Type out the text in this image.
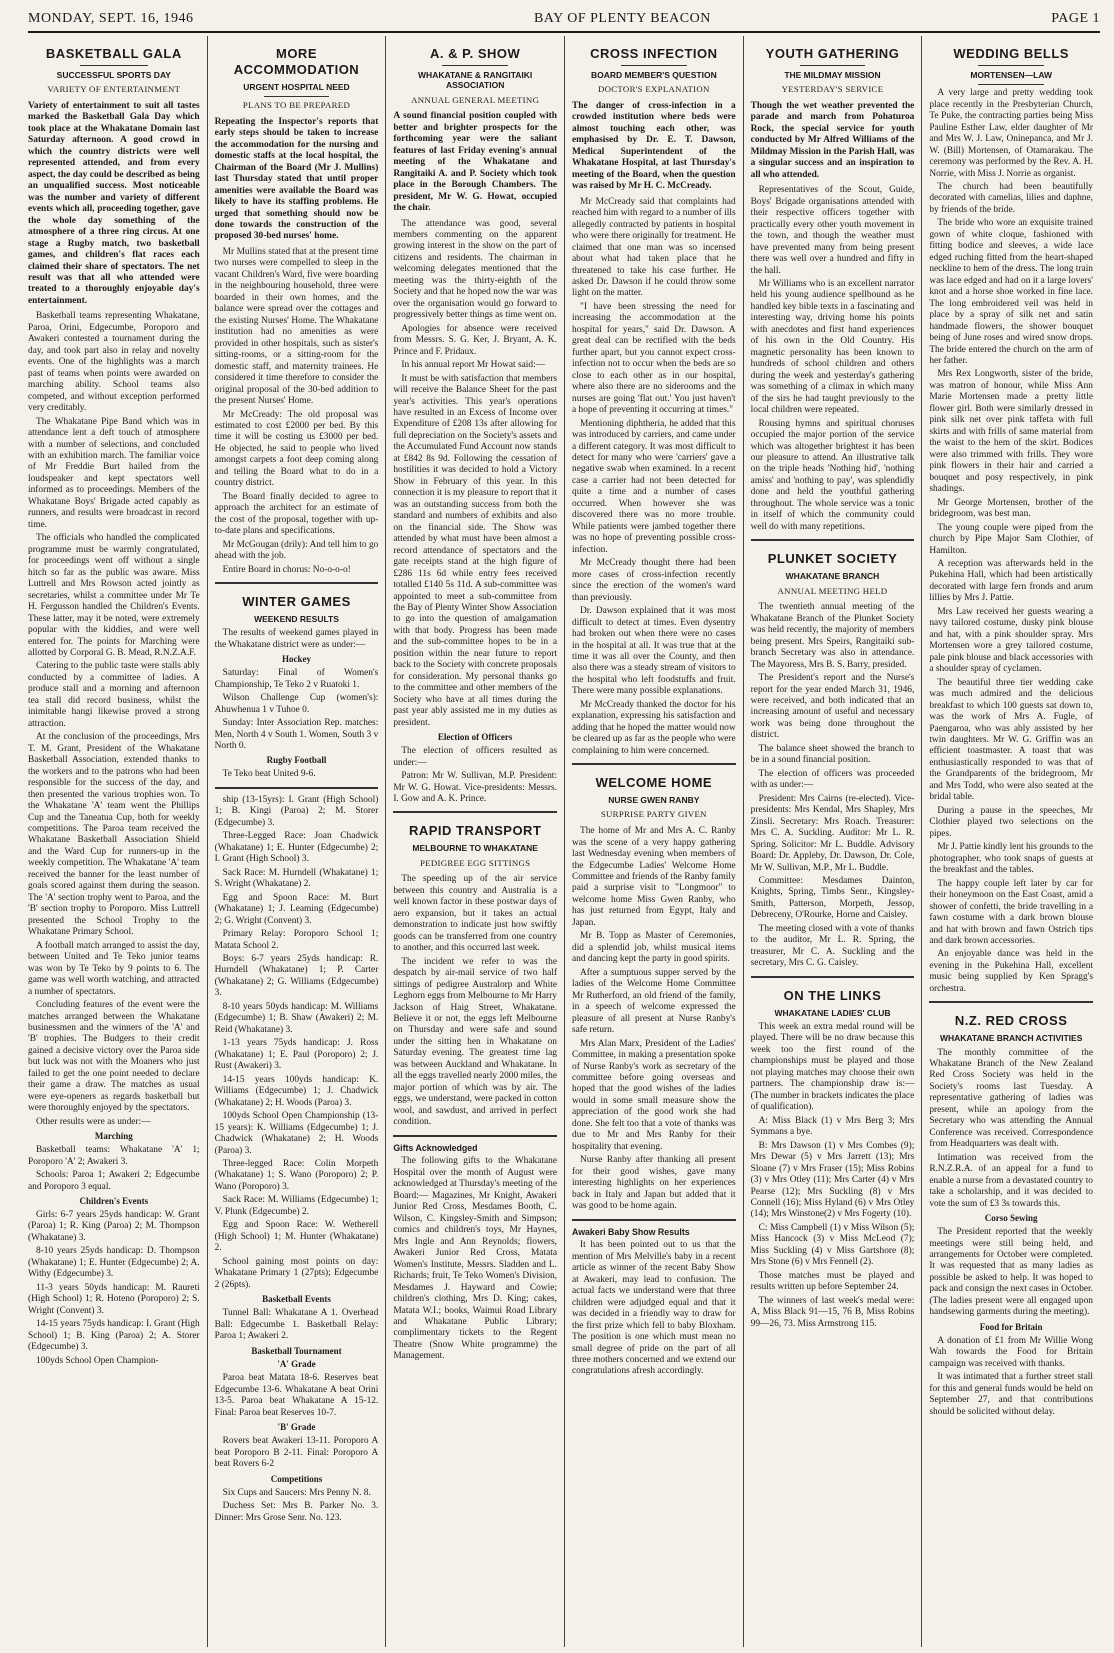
MONDAY, SEPT. 16, 1946	BAY OF PLENTY BEACON	PAGE 1
BASKETBALL GALA
SUCCESSFUL SPORTS DAY
VARIETY OF ENTERTAINMENT

Variety of entertainment to suit all tastes marked the Basketball Gala Day which took place at the Whakatane Domain last Saturday afternoon. A good crowd in which the country districts were well represented attended, and from every aspect, the day could be described as being an unqualified success. Most noticeable was the number and variety of different events which all, proceeding together, gave the whole day something of the atmosphere of a three ring circus. At one stage a Rugby match, two basketball games, and children's flat races each claimed their share of spectators. The net result was that all who attended were treated to a thoroughly enjoyable day's entertainment.

Basketball teams representing Whakatane, Paroa, Orini, Edgecumbe, Poroporo and Awakeri contested a tournament during the day, and took part also in relay and novelty events. One of the highlights was a march past of teams when points were awarded on marching ability. School teams also competed, and without exception performed very creditably.

The Whakatane Pipe Band which was in attendance lent a deft touch of atmosphere with a number of selections, and concluded with an exhibition march. The familiar voice of Mr Freddie Burt hailed from the loudspeaker and kept spectators well informed as to proceedings. Members of the Whakatane Boys' Brigade acted capably as runners, and results were broadcast in record time.

The officials who handled the complicated programme must be warmly congratulated, for proceedings went off without a single hitch so far as the public was aware. Miss Luttrell and Mrs Rowson acted jointly as secretaries, whilst a committee under Mr Te H. Fergusson handled the Children's Events. These latter, may it be noted, were extremely popular with the kiddies, and were well entered for. The points for Marching were allotted by Corporal G. B. Mead, R.N.Z.A.F.

Catering to the public taste were stalls ably conducted by a committee of ladies. A produce stall and a morning and afternoon tea stall did record business, whilst the inimitable hangi likewise proved a strong attraction.

At the conclusion of the proceedings, Mrs T. M. Grant, President of the Whakatane Basketball Association, extended thanks to the workers and to the patrons who had been responsible for the success of the day, and then presented the various trophies won. To the Whakatane 'A' team went the Phillips Cup and the Taneatua Cup, both for weekly competitions. The Paroa team received the Whakatane Basketball Association Shield and the Ward Cup for runners-up in the weekly competition. The Whakatane 'A' team received the banner for the least number of goals scored against them during the season. The 'A' section trophy went to Paroa, and the 'B' section trophy to Poroporo. Miss Luttrell presented the School Trophy to the Whakatane Primary School.

A football match arranged to assist the day, between United and Te Teko junior teams was won by Te Teko by 9 points to 6. The game was well worth watching, and attracted a number of spectators.

Concluding features of the event were the matches arranged between the Whakatane businessmen and the winners of the 'A' and 'B' trophies. The Budgers to their credit gained a decisive victory over the Paroa side but luck was not with the Moaners who just failed to get the one point needed to declare their game a draw. The matches as usual were eye-openers as regards basketball but were thoroughly enjoyed by the spectators.

Other results were as under:—

Marching

Basketball teams: Whakatane 'A' 1; Poroporo 'A' 2; Awakeri 3.

Schools: Paroa 1; Awakeri 2; Edgecumbe and Poroporo 3 equal.

Children's Events

Girls: 6-7 years 25yds handicap: W. Grant (Paroa) 1; R. King (Paroa) 2; M. Thompson (Whakatane) 3.

8-10 years 25yds handicap: D. Thompson (Whakatane) 1; E. Hunter (Edgecumbe) 2; A. Withy (Edgecumbe) 3.

11-3 years 50yds handicap: M. Raureti (High School) 1; R. Hoteno (Poroporo) 2; S. Wright (Convent) 3.

14-15 years 75yds handicap: I. Grant (High School) 1; B. King (Paroa) 2; A. Storer (Edgecumbe) 3.

100yds School Open Champion-

MORE ACCOMMODATION
URGENT HOSPITAL NEED
PLANS TO BE PREPARED

Repeating the Inspector's reports that early steps should be taken to increase the accommodation for the nursing and domestic staffs at the local hospital, the Chairman of the Board (Mr J. Mullins) last Thursday stated that until proper amenities were available the Board was likely to have its staffing problems. He urged that something should now be done towards the construction of the proposed 30-bed nurses' home.

Mr Mullins stated that at the present time two nurses were compelled to sleep in the vacant Children's Ward, five were boarding in the neighbouring household, three were boarded in their own homes, and the balance were spread over the cottages and the existing Nurses' Home. The Whakatane institution had no amenities as were provided in other hospitals, such as sister's sitting-rooms, or a sitting-room for the domestic staff, and maternity trainees. He considered it time therefore to consider the original proposal of the 30-bed addition to the present Nurses' Home.

Mr McCready: The old proposal was estimated to cost £2000 per bed. By this time it will be costing us £3000 per bed. He objected, he said to people who lived amongst carpets a foot deep coming along and telling the Board what to do in a country district.

The Board finally decided to agree to approach the architect for an estimate of the cost of the proposal, together with up-to-date plans and specifications.

Mr McGougan (drily): And tell him to go ahead with the job.

Entire Board in chorus: No-o-o-o!

WINTER GAMES
WEEKEND RESULTS

The results of weekend games played in the Whakatane district were as under:—

Hockey

Saturday: Final of Women's Championship, Te Teko 2 v Ruatoki 1.

Wilson Challenge Cup (women's): Ahuwhenua 1 v Tuhoe 0.

Sunday: Inter Association Rep. matches: Men, North 4 v South 1. Women, South 3 v North 0.

Rugby Football

Te Teko beat United 9-6.

ship (13-15yrs): I. Grant (High School) 1; B. Kingi (Paroa) 2; M. Storer (Edgecumbe) 3.

Three-Legged Race: Joan Chadwick (Whakatane) 1; E. Hunter (Edgecumbe) 2; I. Grant (High School) 3.

Sack Race: M. Hurndell (Whakatane) 1; S. Wright (Whakatane) 2.

Egg and Spoon Race: M. Burt (Whakatane) 1; J. Leaming (Edgecumbe) 2; G. Wright (Convent) 3.

Primary Relay: Poroporo School 1; Matata School 2.

Boys: 6-7 years 25yds handicap: R. Hurndell (Whakatane) 1; P. Carter (Whakatane) 2; G. Williams (Edgecumbe) 3.

8-10 years 50yds handicap: M. Williams (Edgecumbe) 1; B. Shaw (Awakeri) 2; M. Reid (Whakatane) 3.

1-13 years 75yds handicap: J. Ross (Whakatane) 1; E. Paul (Poroporo) 2; J. Rust (Awakeri) 3.

14-15 years 100yds handicap: K. Williams (Edgecumbe) 1; J. Chadwick (Whakatane) 2; H. Woods (Paroa) 3.

100yds School Open Championship (13-15 years): K. Williams (Edgecumbe) 1; J. Chadwick (Whakatane) 2; H. Woods (Paroa) 3.

Three-legged Race: Colin Morpeth (Whakatane) 1; S. Wano (Poroporo) 2; P. Wano (Poroporo) 3.

Sack Race: M. Williams (Edgecumbe) 1; V. Plunk (Edgecumbe) 2.

Egg and Spoon Race: W. Wetherell (High School) 1; M. Hunter (Whakatane) 2.

School gaining most points on day: Whakatane Primary 1 (27pts); Edgecumbe 2 (26pts).

Basketball Events

Tunnel Ball: Whakatane A 1. Overhead Ball: Edgecumbe 1. Basketball Relay: Paroa 1; Awakeri 2.

Basketball Tournament
'A' Grade

Paroa beat Matata 18-6. Reserves beat Edgecumbe 13-6. Whakatane A beat Orini 13-5. Paroa beat Whakatane A 15-12. Final: Paroa beat Reserves 10-7.

'B' Grade

Rovers beat Awakeri 13-11. Poroporo A beat Poroporo B 2-11. Final: Poroporo A beat Rovers 6-2

Competitions

Six Cups and Saucers: Mrs Penny N. 8.

Duchess Set: Mrs B. Parker No. 3. Dinner: Mrs Grose Senr. No. 123.

A. & P. SHOW
WHAKATANE & RANGITAIKI ASSOCIATION
ANNUAL GENERAL MEETING

A sound financial position coupled with better and brighter prospects for the forthcoming year were the saliant features of last Friday evening's annual meeting of the Whakatane and Rangitaiki A. and P. Society which took place in the Borough Chambers. The president, Mr W. G. Howat, occupied the chair.

The attendance was good, several members commenting on the apparent growing interest in the show on the part of citizens and residents. The chairman in welcoming delegates mentioned that the meeting was the thirty-eighth of the Society and that he hoped now the war was over the organisation would go forward to progressively better things as time went on.

Apologies for absence were received from Messrs. S. G. Ker, J. Bryant, A. K. Prince and F. Pridaux.

In his annual report Mr Howat said:—

It must be with satisfaction that members will receive the Balance Sheet for the past year's activities. This year's operations have resulted in an Excess of Income over Expenditure of £208 13s after allowing for full depreciation on the Society's assets and the Accumulated Fund Account now stands at £842 8s 9d. Following the cessation of hostilities it was decided to hold a Victory Show in February of this year. In this connection it is my pleasure to report that it was an outstanding success from both the standard and numbers of exhibits and also on the financial side. The Show was attended by what must have been almost a record attendance of spectators and the gate receipts stand at the high figure of £286 11s 6d while entry fees received totalled £140 5s 11d. A sub-committee was appointed to meet a sub-committee from the Bay of Plenty Winter Show Association to go into the question of amalgamation with that body. Progress has been made and the sub-committee hopes to be in a position within the near future to report back to the Society with concrete proposals for consideration. My personal thanks go to the committee and other members of the Society who have at all times during the past year ably assisted me in my duties as president.

Election of Officers

The election of officers resulted as under:—

Patron: Mr W. Sullivan, M.P. President: Mr W. G. Howat. Vice-presidents: Messrs. I. Gow and A. K. Prince.

RAPID TRANSPORT
MELBOURNE TO WHAKATANE
PEDIGREE EGG SITTINGS

The speeding up of the air service between this country and Australia is a well known factor in these postwar days of aero expansion, but it takes an actual demonstration to indicate just how swiftly goods can be transferred from one country to another, and this occurred last week.

The incident we refer to was the despatch by air-mail service of two half sittings of pedigree Australorp and White Leghorn eggs from Melbourne to Mr Harry Jackson of Haig Street, Whakatane. Believe it or not, the eggs left Melbourne on Thursday and were safe and sound under the sitting hen in Whakatane on Saturday evening. The greatest time lag was between Auckland and Whakatane. In all the eggs travelled nearly 2000 miles, the major portion of which was by air. The eggs, we understand, were packed in cotton wool, and sawdust, and arrived in perfect condition.

Gifts Acknowledged

The following gifts to the Whakatane Hospital over the month of August were acknowledged at Thursday's meeting of the Board:— Magazines, Mr Knight, Awakeri Junior Red Cross, Mesdames Booth, C. Wilson, C. Kingsley-Smith and Simpson; comics and children's toys, Mr Haynes, Mrs Ingle and Ann Reynolds; flowers, Awakeri Junior Red Cross, Matata Women's Institute, Messrs. Sladden and L. Richards; fruit, Te Teko Women's Division, Mesdames J. Hayward and Cowie; children's clothing, Mrs D. King; cakes, Matata W.I.; books, Waimui Road Library and Whakatane Public Library; complimentary tickets to the Regent Theatre (Snow White programme) the Management.

CROSS INFECTION
BOARD MEMBER'S QUESTION
DOCTOR'S EXPLANATION

The danger of cross-infection in a crowded institution where beds were almost touching each other, was emphasised by Dr. E. T. Dawson, Medical Superintendent of the Whakatane Hospital, at last Thursday's meeting of the Board, when the question was raised by Mr H. C. McCready.

Mr McCready said that complaints had reached him with regard to a number of ills allegedly contracted by patients in hospital who were there originally for treatment. He claimed that one man was so incensed about what had taken place that he threatened to take his case further. He asked Dr. Dawson if he could throw some light on the matter.

"I have been stressing the need for increasing the accommodation at the hospital for years," said Dr. Dawson. A great deal can be rectified with the beds further apart, but you cannot expect cross-infection not to occur when the beds are so close to each other as in our hospital, where also there are no siderooms and the nurses are going 'flat out.' You just haven't a hope of preventing it occurring at times."

Mentioning diphtheria, he added that this was introduced by carriers, and came under a different category. It was most difficult to detect for many who were 'carriers' gave a negative swab when examined. In a recent case a carrier had not been detected for quite a time and a number of cases occurred. When however she was discovered there was no more trouble. While patients were jambed together there was no hope of preventing possible cross-infection.

Mr McCready thought there had been more cases of cross-infection recently since the erection of the women's ward than previously.

Dr. Dawson explained that it was most difficult to detect at times. Even dysentry had broken out when there were no cases in the hospital at all. It was true that at the time it was all over the County, and then also there was a steady stream of visitors to the hospital who left foodstuffs and fruit. There were many possible explanations.

Mr McCready thanked the doctor for his explanation, expressing his satisfaction and adding that he hoped the matter would now be cleared up as far as the people who were complaining to him were concerned.

WELCOME HOME
NURSE GWEN RANBY
SURPRISE PARTY GIVEN

The home of Mr and Mrs A. C. Ranby was the scene of a very happy gathering last Wednesday evening when members of the Edgecumbe Ladies' Welcome Home Committee and friends of the Ranby family paid a surprise visit to "Longmoor" to welcome home Miss Gwen Ranby, who has just returned from Egypt, Italy and Japan.

Mr B. Topp as Master of Ceremonies, did a splendid job, whilst musical items and dancing kept the party in good spirits.

After a sumptuous supper served by the ladies of the Welcome Home Committee Mr Rutherford, an old friend of the family, in a speech of welcome expressed the pleasure of all present at Nurse Ranby's safe return.

Mrs Alan Marx, President of the Ladies' Committee, in making a presentation spoke of Nurse Ranby's work as secretary of the committee before going overseas and hoped that the good wishes of the ladies would in some small measure show the appreciation of the good work she had done. She felt too that a vote of thanks was due to Mr and Mrs Ranby for their hospitality that evening.

Nurse Ranby after thanking all present for their good wishes, gave many interesting highlights on her experiences back in Italy and Japan but added that it was good to be home again.

Awakeri Baby Show Results

It has been pointed out to us that the mention of Mrs Melville's baby in a recent article as winner of the recent Baby Show at Awakeri, may lead to confusion. The actual facts we understand were that three children were adjudged equal and that it was decided in a friendly way to draw for the first prize which fell to baby Bloxham. The position is one which must mean no small degree of pride on the part of all three mothers concerned and we extend our congratulations afresh accordingly.

YOUTH GATHERING
THE MILDMAY MISSION
YESTERDAY'S SERVICE

Though the wet weather prevented the parade and march from Pohaturoa Rock, the special service for youth conducted by Mr Alfred Williams of the Mildmay Mission in the Parish Hall, was a singular success and an inspiration to all who attended.

Representatives of the Scout, Guide, Boys' Brigade organisations attended with their respective officers together with practically every other youth movement in the town, and though the weather must have prevented many from being present there was well over a hundred and fifty in the hall.

Mr Williams who is an excellent narrator held his young audience spellbound as he handled key bible texts in a fascinating and interesting way, driving home his points with anecdotes and first hand experiences of his own in the Old Country. His magnetic personality has been known to hundreds of school children and others during the week and yesterday's gathering was something of a climax in which many of the sirs he had taught previously to the local children were repeated.

Rousing hymns and spiritual choruses occupied the major portion of the service which was altogether brightest it has been our pleasure to attend. An illustrative talk on the triple heads 'Nothing hid', 'nothing amiss' and 'nothing to pay', was splendidly done and held the youthful gathering throughout. The whole service was a tonic in itself of which the community could well do with many repetitions.

PLUNKET SOCIETY
WHAKATANE BRANCH
ANNUAL MEETING HELD

The twentieth annual meeting of the Whakatane Branch of the Plunket Society was held recently, the majority of members being present. Mrs Speirs, Rangitaiki sub-branch Secretary was also in attendance. The Mayoress, Mrs B. S. Barry, presided.

The President's report and the Nurse's report for the year ended March 31, 1946, were received, and both indicated that an increasing amount of useful and necessary work was being done throughout the district.

The balance sheet showed the branch to be in a sound financial position.

The election of officers was proceeded with as under:—

President: Mrs Cairns (re-elected). Vice-presidents: Mrs Kendal, Mrs Shapley, Mrs Zinsli. Secretary: Mrs Roach. Treasurer: Mrs C. A. Suckling. Auditor: Mr L. R. Spring. Solicitor: Mr L. Buddle. Advisory Board: Dr. Appleby, Dr. Dawson, Dr. Cole, Mr W. Sullivan, M.P., Mr L. Buddle.

Committee: Mesdames Dainton, Knights, Spring, Timbs Senr., Kingsley-Smith, Patterson, Morpeth, Jessop, Debreceny, O'Rourke, Horne and Caisley.

The meeting closed with a vote of thanks to the auditor, Mr L. R. Spring, the treasurer, Mr C. A. Suckling and the secretary, Mrs C. G. Caisley.

ON THE LINKS
WHAKATANE LADIES' CLUB

This week an extra medal round will be played. There will be no draw because this week too the first round of the championships must be played and those not playing matches may choose their own partners. The championship draw is:— (The number in brackets indicates the place of qualification).

A: Miss Black (1) v Mrs Berg 3; Mrs Symmans a bye.

B: Mrs Dawson (1) v Mrs Combes (9); Mrs Dewar (5) v Mrs Jarrett (13); Mrs Sloane (7) v Mrs Fraser (15); Miss Robins (3) v Mrs Otley (11); Mrs Carter (4) v Mrs Pearse (12); Mrs Suckling (8) v Mrs Connell (16); Miss Hyland (6) v Mrs Otley (14); Mrs Winstone(2) v Mrs Fogerty (10).

C: Miss Campbell (1) v Miss Wilson (5); Miss Hancock (3) v Miss McLeod (7); Miss Suckling (4) v Miss Gartshore (8); Mrs Stone (6) v Mrs Fennell (2).

Those matches must be played and results written up before September 24.

The winners of last week's medal were: A, Miss Black 91—15, 76 B, Miss Robins 99—26, 73. Miss Armstrong 115.

WEDDING BELLS
MORTENSEN—LAW

A very large and pretty wedding took place recently in the Presbyterian Church, Te Puke, the contracting parties being Miss Pauline Esther Law, elder daughter of Mr and Mrs W. J. Law, Oninepanca, and Mr J. W. (Bill) Mortensen, of Otamarakau. The ceremony was performed by the Rev. A. H. Norrie, with Miss J. Norrie as organist.

The church had been beautifully decorated with camelias, lilies and daphne, by friends of the bride.

The bride who wore an exquisite trained gown of white cloque, fashioned with fitting bodice and sleeves, a wide lace edged ruching fitted from the heart-shaped neckline to hem of the dress. The long train was lace edged and had on it a large lovers' knot and a horse shoe worked in fine lace. The long embroidered veil was held in place by a spray of silk net and satin handmade flowers, the shower bouquet being of June roses and wired snow drops. The bride entered the church on the arm of her father.

Mrs Rex Longworth, sister of the bride, was matron of honour, while Miss Ann Marie Mortensen made a pretty little flower girl. Both were similarly dressed in pink silk net over pink taffeta with full skirts and with frills of same material from the waist to the hem of the skirt. Bodices were also trimmed with frills. They wore pink flowers in their hair and carried a bouquet and posy respectively, in pink shadings.

Mr George Mortensen, brother of the bridegroom, was best man.

The young couple were piped from the church by Pipe Major Sam Clothier, of Hamilton.

A reception was afterwards held in the Pukehina Hall, which had been artistically decorated with large fern fronds and arum lillies by Mrs J. Pattie.

Mrs Law received her guests wearing a navy tailored costume, dusky pink blouse and hat, with a pink shoulder spray. Mrs Mortensen wore a grey tailored costume, pale pink blouse and black accessories with a shoulder spray of cyclamen.

The beautiful three tier wedding cake was much admired and the delicious breakfast to which 100 guests sat down to, was the work of Mrs A. Fugle, of Paengaroa, who was ably assisted by her twin daughters. Mr W. G. Griffin was an efficient toastmaster. A toast that was enthusiastically responded to was that of the Grandparents of the bridegroom, Mr and Mrs Todd, who were also seated at the bridal table.

During a pause in the speeches, Mr Clothier played two selections on the pipes.

Mr J. Pattie kindly lent his grounds to the photographer, who took snaps of guests at the breakfast and the tables.

The happy couple left later by car for their honeymoon on the East Coast, amid a shower of confetti, the bride travelling in a fawn costume with a dark brown blouse and hat with brown and fawn Ostrich tips and dark brown accessories.

An enjoyable dance was held in the evening in the Pukehina Hall, excellent music being supplied by Ken Spragg's orchestra.

N.Z. RED CROSS
WHAKATANE BRANCH ACTIVITIES

The monthly committee of the Whakatane Branch of the New Zealand Red Cross Society was held in the Society's rooms last Tuesday. A representative gathering of ladies was present, while an apology from the Secretary who was attending the Annual Conference was received. Correspondence from Headquarters was dealt with.

Intimation was received from the R.N.Z.R.A. of an appeal for a fund to enable a nurse from a devastated country to take a scholarship, and it was decided to vote the sum of £3 3s towards this.

Corso Sewing

The President reported that the weekly meetings were still being held, and arrangements for October were completed. It was requested that as many ladies as possible be asked to help. It was hoped to pack and consign the next cases in October. (The ladies present were all engaged upon handsewing garments during the meeting).

Food for Britain

A donation of £1 from Mr Willie Wong Wah towards the Food for Britain campaign was received with thanks.

It was intimated that a further street stall for this and general funds would be held on September 27, and that contributions should be solicited without delay.
